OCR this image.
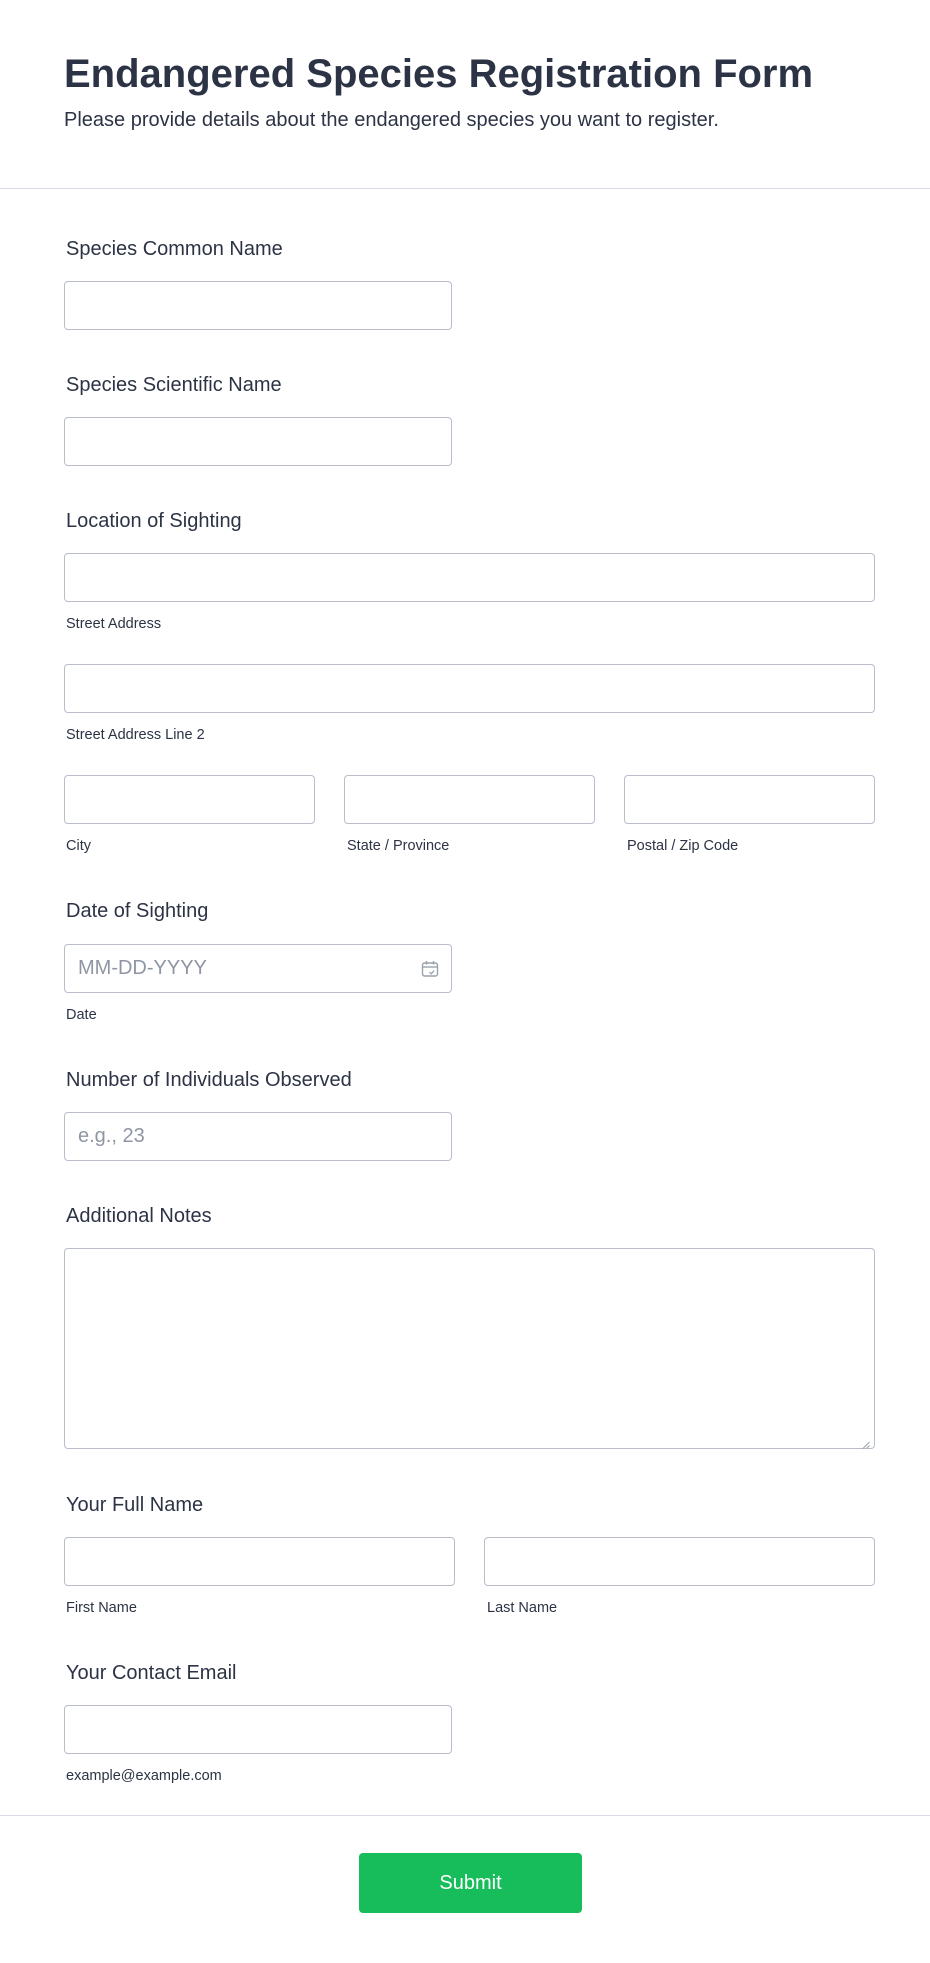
Endangered Species Registration Form
Please provide details about the endangered species you want to register.
Species Common Name
Species Scientific Name
Location of Sighting
Street Address
Street Address Line 2
City	State / Province	Postal / Zip Code
Date of Sighting
MM-DD-YYYY
Date
Number of Individuals Observed
e.g., 23
Additional Notes
Your Full Name
First Name	Last Name
Your Contact Email
example@example.com
Submit
